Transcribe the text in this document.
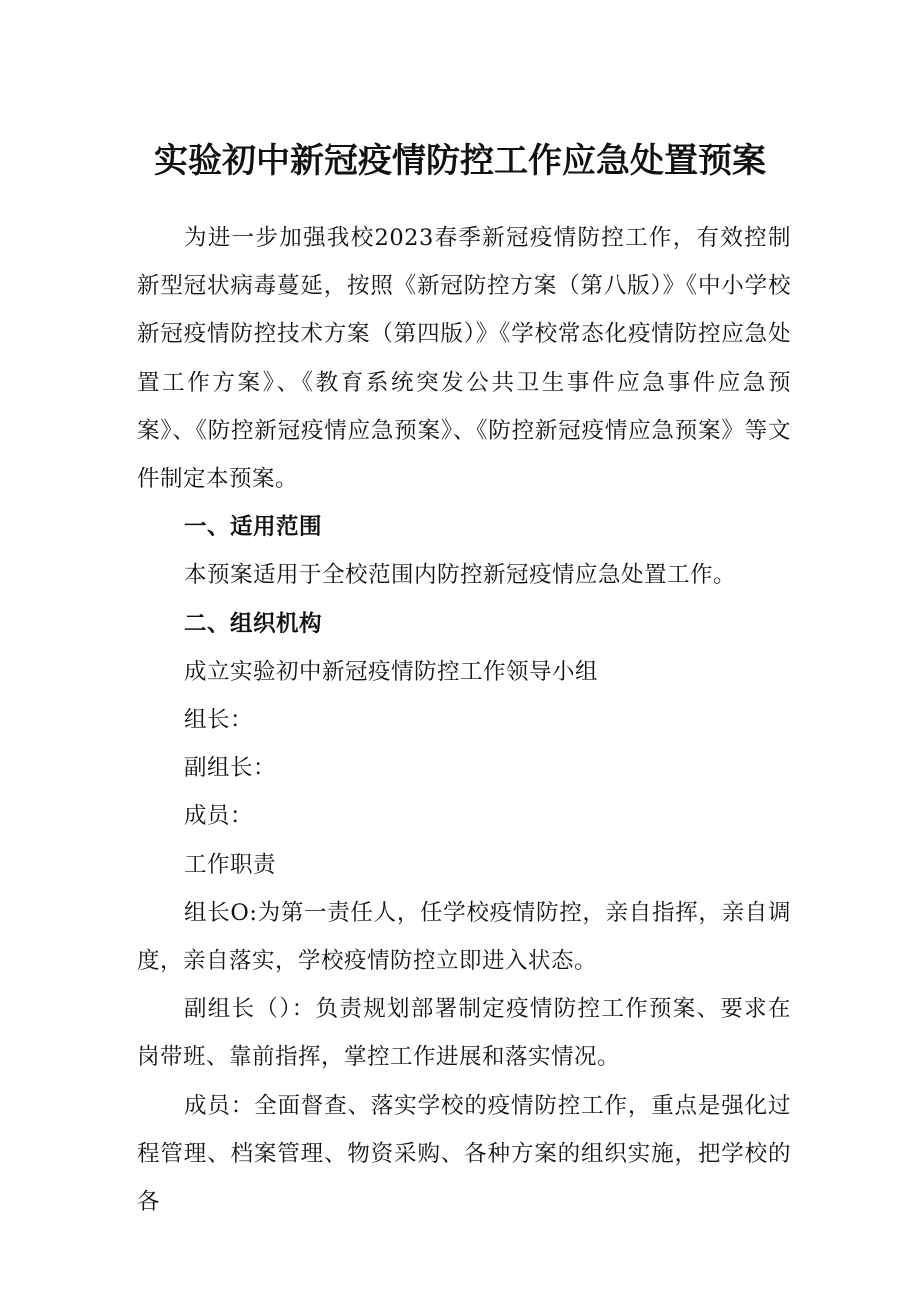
实验初中新冠疫情防控工作应急处置预案

为进一步加强我校2023春季新冠疫情防控工作，有效控制新型冠状病毒蔓延，按照《新冠防控方案（第八版）》《中小学校新冠疫情防控技术方案（第四版）》《学校常态化疫情防控应急处置工作方案》、《教育系统突发公共卫生事件应急事件应急预案》、《防控新冠疫情应急预案》、《防控新冠疫情应急预案》等文件制定本预案。

一、适用范围

本预案适用于全校范围内防控新冠疫情应急处置工作。

二、组织机构

成立实验初中新冠疫情防控工作领导小组

组长：

副组长：

成员：

工作职责

组长O:为第一责任人，任学校疫情防控，亲自指挥，亲自调度，亲自落实，学校疫情防控立即进入状态。

副组长（）：负责规划部署制定疫情防控工作预案、要求在岗带班、靠前指挥，掌控工作进展和落实情况。

成员：全面督查、落实学校的疫情防控工作，重点是强化过程管理、档案管理、物资采购、各种方案的组织实施，把学校的各
